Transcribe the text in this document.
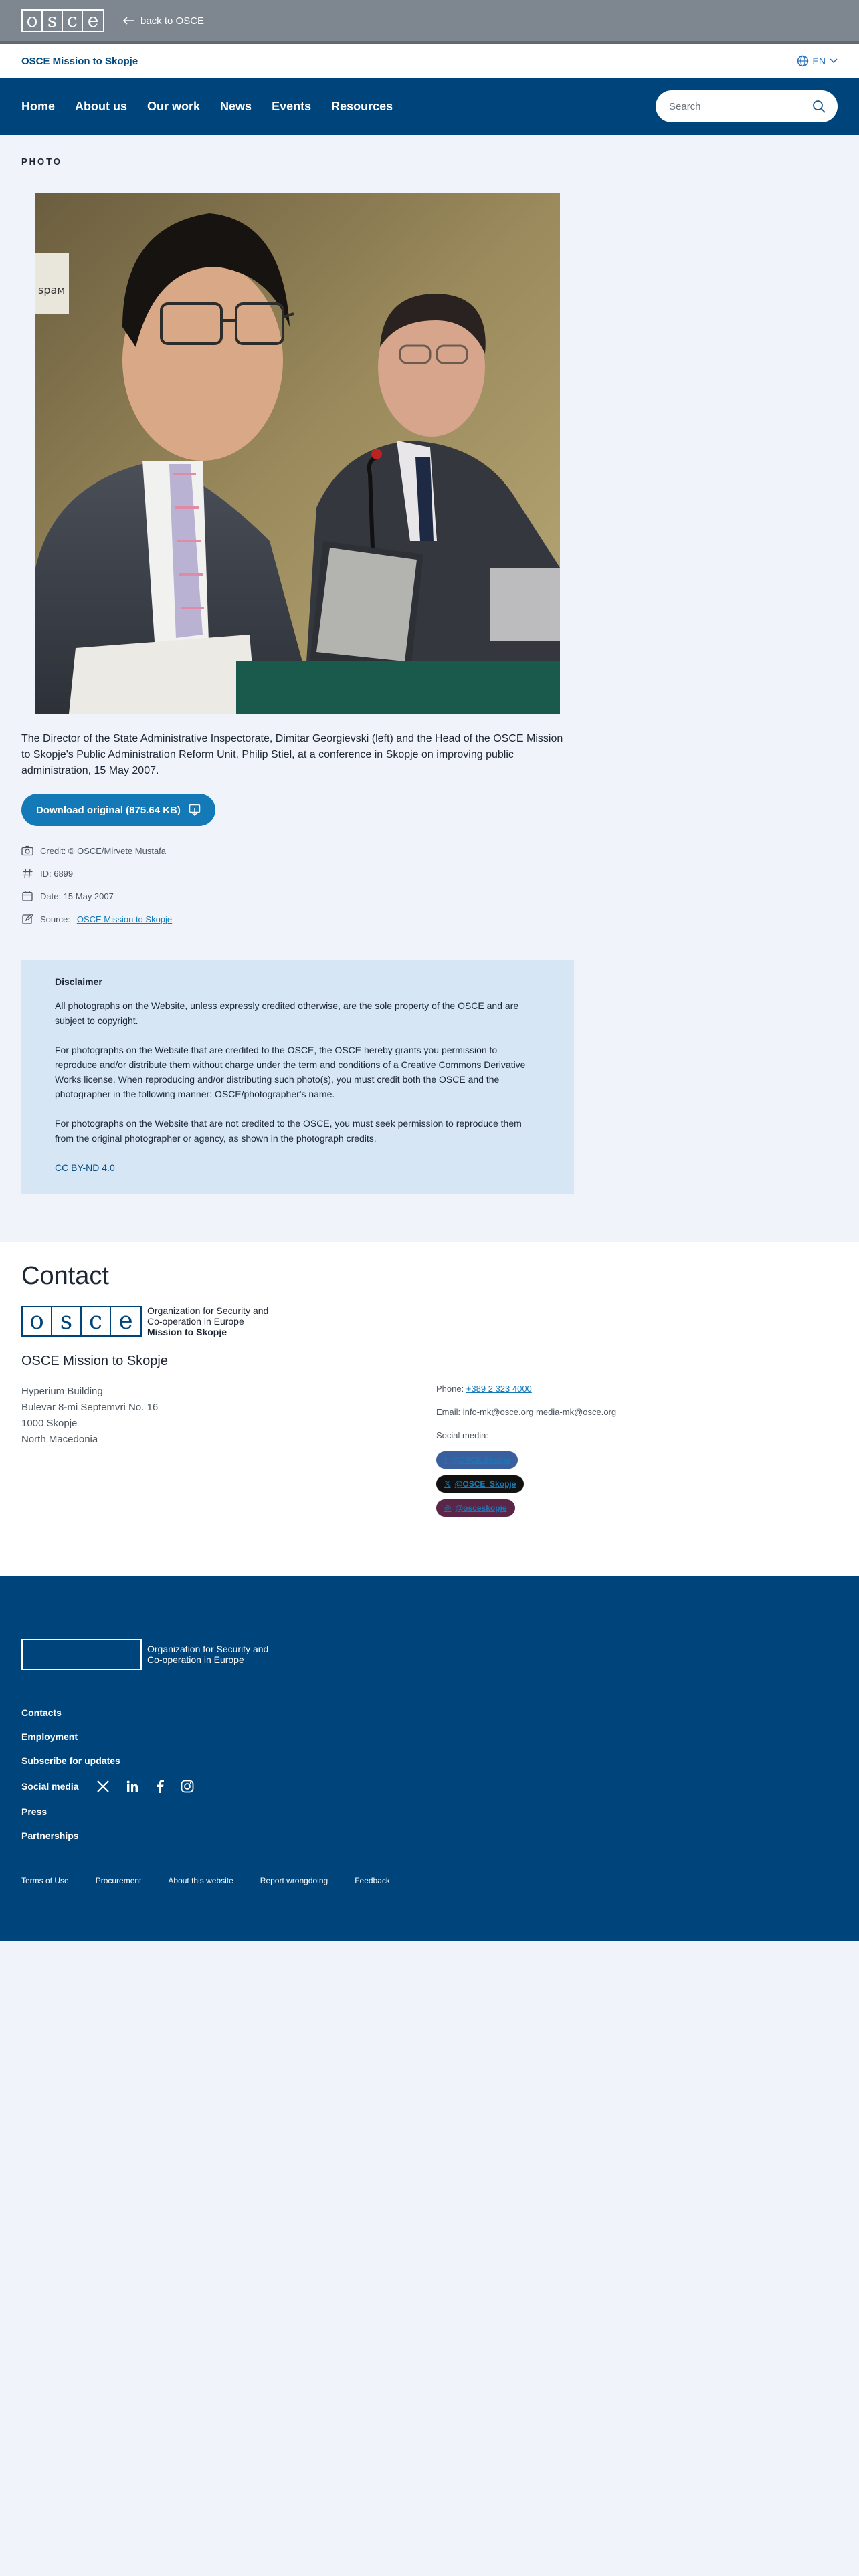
o s c e	back to OSCE
OSCE Mission to Skopje	EN
Home About us Our work News Events Resources
Search
PHOTO
ѕрам

The Director of the State Administrative Inspectorate, Dimitar Georgievski (left) and the Head of the OSCE Mission to Skopje's Public Administration Reform Unit, Philip Stiel, at a conference in Skopje on improving public administration, 15 May 2007.

Download original (875.64 KB)
Credit: © OSCE/Mirvete Mustafa
ID: 6899
Date: 15 May 2007
Source: OSCE Mission to Skopje
Disclaimer

All photographs on the Website, unless expressly credited otherwise, are the sole property of the OSCE and are subject to copyright.

For photographs on the Website that are credited to the OSCE, the OSCE hereby grants you permission to reproduce and/or distribute them without charge under the term and conditions of a Creative Commons Derivative Works license. When reproducing and/or distributing such photo(s), you must credit both the OSCE and the photographer in the following manner: OSCE/photographer's name.

For photographs on the Website that are not credited to the OSCE, you must seek permission to reproduce them from the original photographer or agency, as shown in the photograph credits.

CC BY-ND 4.0
Contact
o s c e	Organization for Security and
Co-operation in Europe
Mission to Skopje
OSCE Mission to Skopje
Hyperium Building
Bulevar 8-mi Septemvri No. 16
1000 Skopje
North Macedonia
Phone: +389 2 323 4000
Email: info-mk@osce.org media-mk@osce.org
Social media:
f @OSCE.Skopje
𝕏 @OSCE_Skopje
◎ @osceskopje
o s c e	Organization for Security and
Co-operation in Europe
Contacts
Employment
Subscribe for updates
Social media
Press
Partnerships
Terms of Use	Procurement	About this website	Report wrongdoing	Feedback
